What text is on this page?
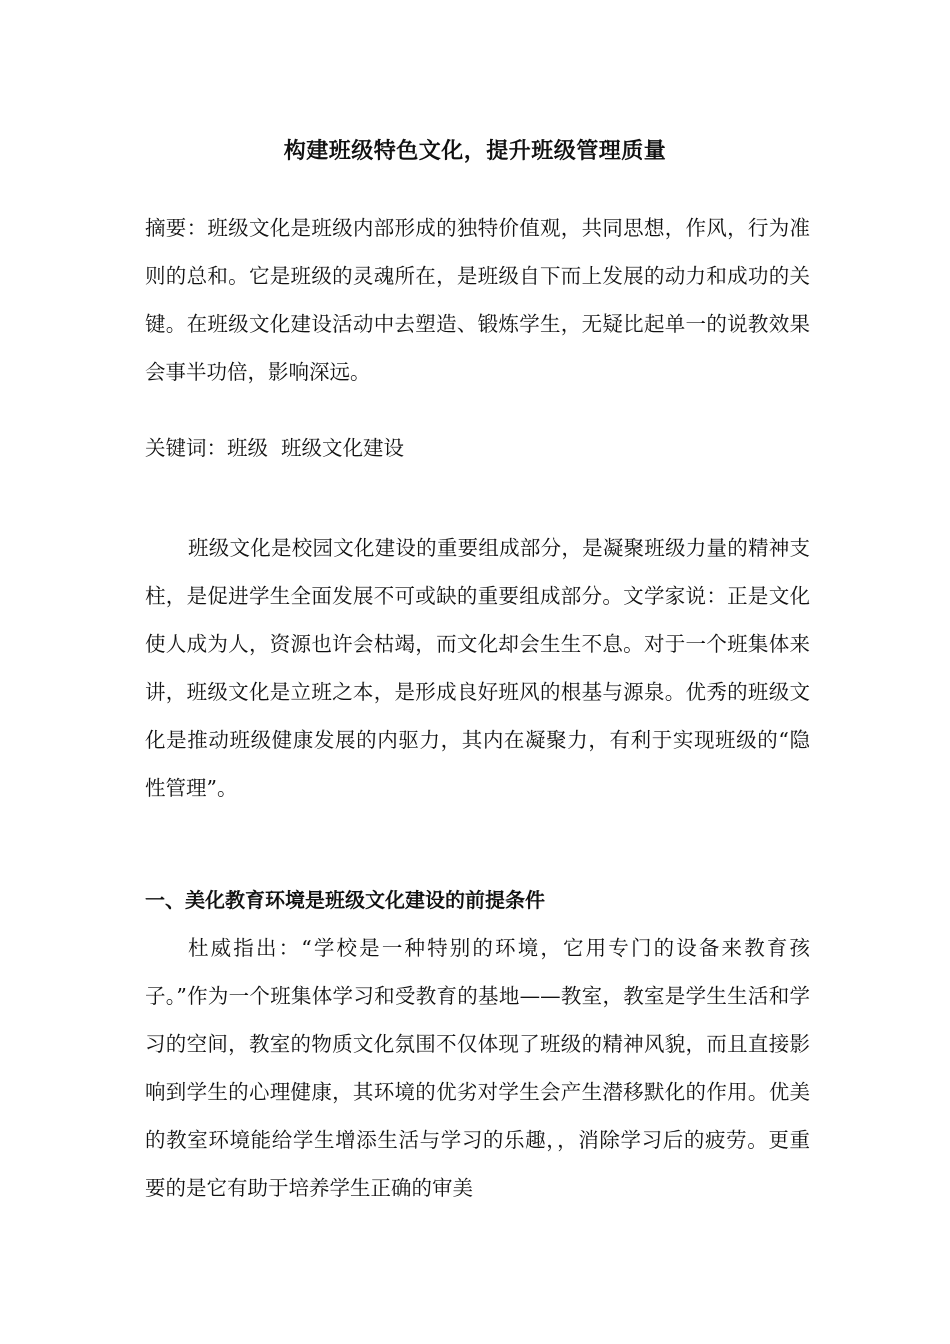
构建班级特色文化，提升班级管理质量

摘要：班级文化是班级内部形成的独特价值观，共同思想，作风，行为准则的总和。它是班级的灵魂所在，是班级自下而上发展的动力和成功的关键。在班级文化建设活动中去塑造、锻炼学生，无疑比起单一的说教效果会事半功倍，影响深远。

关键词：班级  班级文化建设

班级文化是校园文化建设的重要组成部分，是凝聚班级力量的精神支柱，是促进学生全面发展不可或缺的重要组成部分。文学家说：正是文化使人成为人，资源也许会枯竭，而文化却会生生不息。对于一个班集体来讲，班级文化是立班之本，是形成良好班风的根基与源泉。优秀的班级文化是推动班级健康发展的内驱力，其内在凝聚力，有利于实现班级的“隐性管理”。

一、美化教育环境是班级文化建设的前提条件

杜威指出：“学校是一种特别的环境，它用专门的设备来教育孩子。”作为一个班集体学习和受教育的基地——教室，教室是学生生活和学习的空间，教室的物质文化氛围不仅体现了班级的精神风貌，而且直接影响到学生的心理健康，其环境的优劣对学生会产生潜移默化的作用。优美的教室环境能给学生增添生活与学习的乐趣，，消除学习后的疲劳。更重要的是它有助于培养学生正确的审美
